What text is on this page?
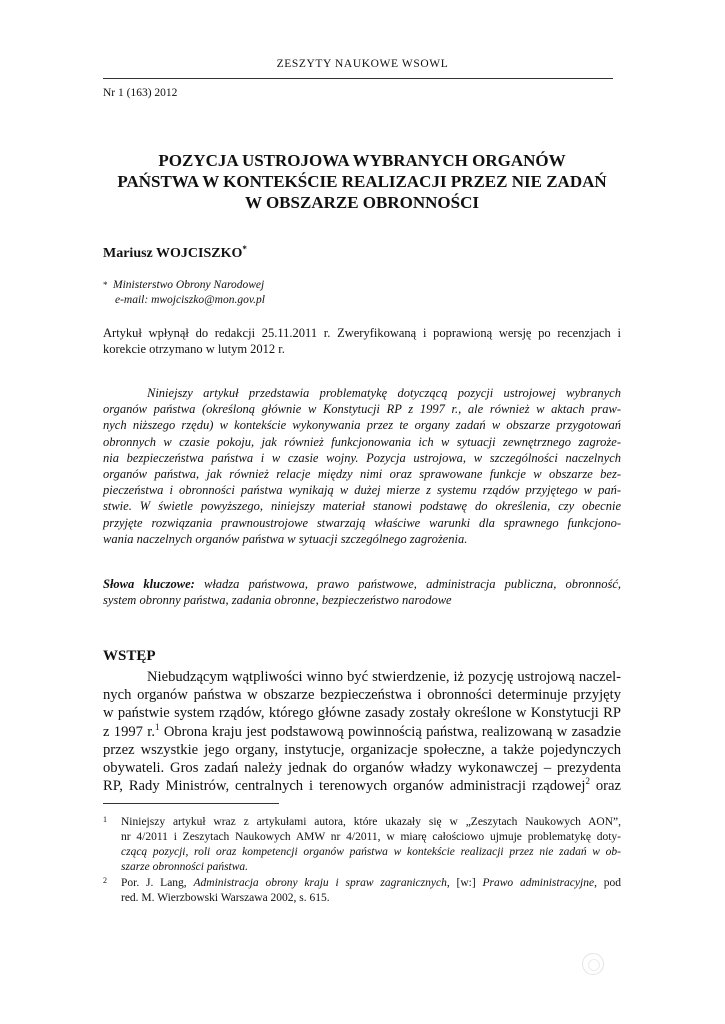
ZESZYTY NAUKOWE WSOWL
Nr 1 (163) 2012
POZYCJA USTROJOWA WYBRANYCH ORGANÓW
PAŃSTWA W KONTEKŚCIE REALIZACJI PRZEZ NIE ZADAŃ
W OBSZARZE OBRONNOŚCI
Mariusz WOJCISZKO*
* Ministerstwo Obrony Narodowej
e-mail: mwojciszko@mon.gov.pl
Artykuł wpłynął do redakcji 25.11.2011 r. Zweryfikowaną i poprawioną wersję po recenzjach i korekcie otrzymano w lutym 2012 r.
Niniejszy artykuł przedstawia problematykę dotyczącą pozycji ustrojowej wybranych
organów państwa (określoną głównie w Konstytucji RP z 1997 r., ale również w aktach praw-
nych niższego rzędu) w kontekście wykonywania przez te organy zadań w obszarze przygotowań
obronnych w czasie pokoju, jak również funkcjonowania ich w sytuacji zewnętrznego zagroże-
nia bezpieczeństwa państwa i w czasie wojny. Pozycja ustrojowa, w szczególności naczelnych
organów państwa, jak również relacje między nimi oraz sprawowane funkcje w obszarze bez-
pieczeństwa i obronności państwa wynikają w dużej mierze z systemu rządów przyjętego w pań-
stwie. W świetle powyższego, niniejszy materiał stanowi podstawę do określenia, czy obecnie
przyjęte rozwiązania prawnoustrojowe stwarzają właściwe warunki dla sprawnego funkcjono-
wania naczelnych organów państwa w sytuacji szczególnego zagrożenia.
Słowa kluczowe: władza państwowa, prawo państwowe, administracja publiczna, obronność,
system obronny państwa, zadania obronne, bezpieczeństwo narodowe
WSTĘP
Niebudzącym wątpliwości winno być stwierdzenie, iż pozycję ustrojową naczel-
nych organów państwa w obszarze bezpieczeństwa i obronności determinuje przyjęty
w państwie system rządów, którego główne zasady zostały określone w Konstytucji RP
z 1997 r.$^1$ Obrona kraju jest podstawową powinnością państwa, realizowaną w zasadzie
przez wszystkie jego organy, instytucje, organizacje społeczne, a także pojedynczych
obywateli. Gros zadań należy jednak do organów władzy wykonawczej – prezydenta
RP, Rady Ministrów, centralnych i terenowych organów administracji rządowej$^2$ oraz
1 Niniejszy artykuł wraz z artykułami autora, które ukazały się w „Zeszytach Naukowych AON”,
nr 4/2011 i Zeszytach Naukowych AMW nr 4/2011, w miarę całościowo ujmuje problematykę doty-
czącą pozycji, roli oraz kompetencji organów państwa w kontekście realizacji przez nie zadań w ob-
szarze obronności państwa.
2 Por. J. Lang, Administracja obrony kraju i spraw zagranicznych, [w:] Prawo administracyjne, pod
red. M. Wierzbowski Warszawa 2002, s. 615.
